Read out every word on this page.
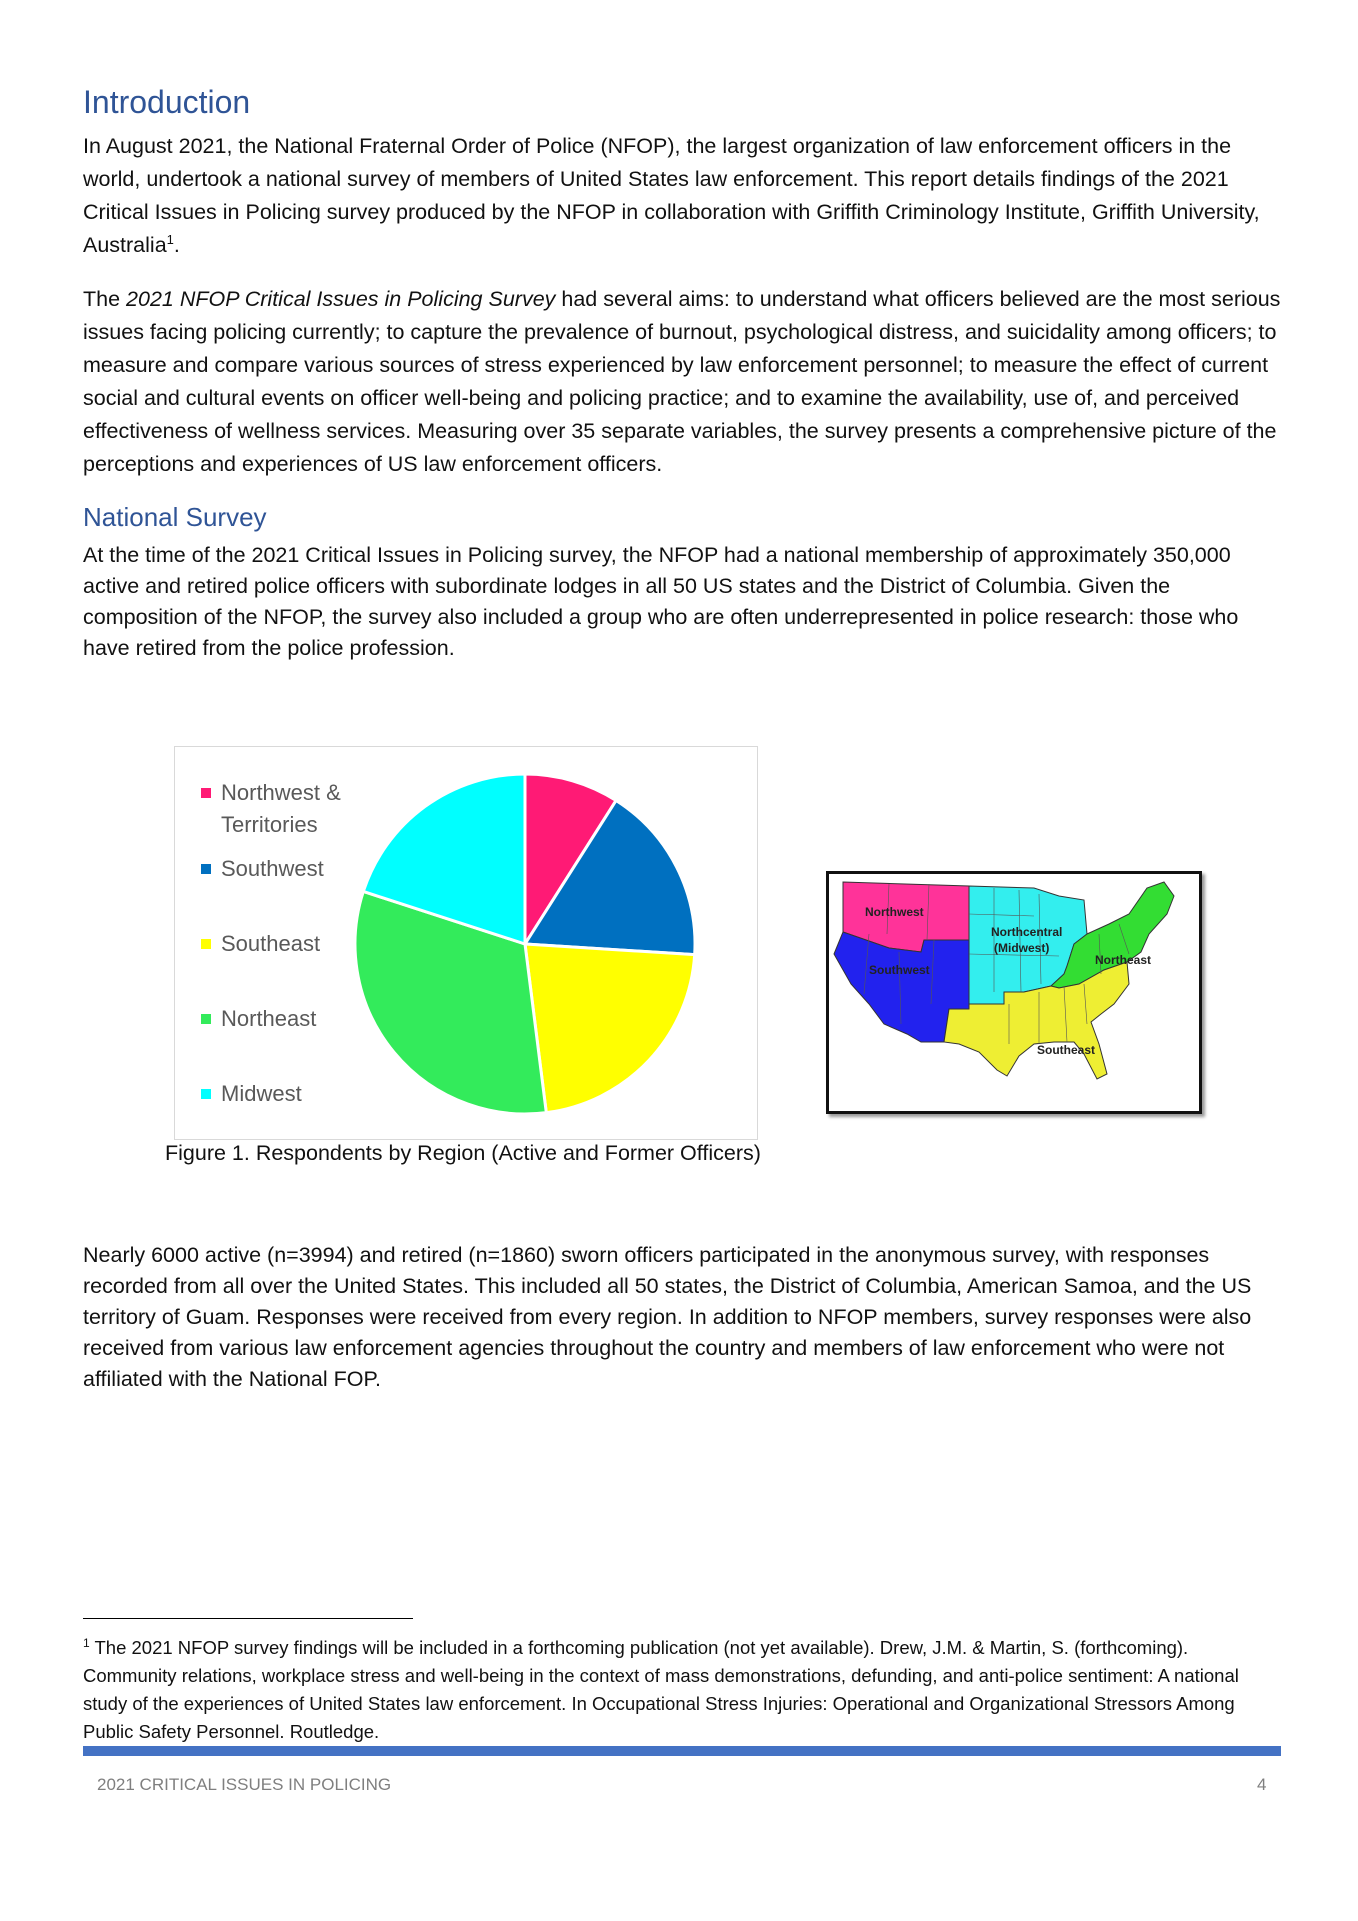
Introduction

In August 2021, the National Fraternal Order of Police (NFOP), the largest organization of law enforcement officers in the world, undertook a national survey of members of United States law enforcement. This report details findings of the 2021 Critical Issues in Policing survey produced by the NFOP in collaboration with Griffith Criminology Institute, Griffith University, Australia$^1$.

The 2021 NFOP Critical Issues in Policing Survey had several aims: to understand what officers believed are the most serious issues facing policing currently; to capture the prevalence of burnout, psychological distress, and suicidality among officers; to measure and compare various sources of stress experienced by law enforcement personnel; to measure the effect of current social and cultural events on officer well-being and policing practice; and to examine the availability, use of, and perceived effectiveness of wellness services. Measuring over 35 separate variables, the survey presents a comprehensive picture of the perceptions and experiences of US law enforcement officers.

National Survey

At the time of the 2021 Critical Issues in Policing survey, the NFOP had a national membership of approximately 350,000 active and retired police officers with subordinate lodges in all 50 US states and the District of Columbia. Given the composition of the NFOP, the survey also included a group who are often underrepresented in police research: those who have retired from the police profession.

Northwest & Territories
Southwest
Southeast
Northeast
Midwest
Figure 1. Respondents by Region (Active and Former Officers)
Northwest
Southwest
Northcentral
(Midwest)
Northeast
Southeast

Nearly 6000 active (n=3994) and retired (n=1860) sworn officers participated in the anonymous survey, with responses recorded from all over the United States. This included all 50 states, the District of Columbia, American Samoa, and the US territory of Guam. Responses were received from every region. In addition to NFOP members, survey responses were also received from various law enforcement agencies throughout the country and members of law enforcement who were not affiliated with the National FOP.

$^1$ The 2021 NFOP survey findings will be included in a forthcoming publication (not yet available). Drew, J.M. & Martin, S. (forthcoming). Community relations, workplace stress and well-being in the context of mass demonstrations, defunding, and anti-police sentiment: A national study of the experiences of United States law enforcement. In Occupational Stress Injuries: Operational and Organizational Stressors Among Public Safety Personnel. Routledge.
2021 CRITICAL ISSUES IN POLICING	4
